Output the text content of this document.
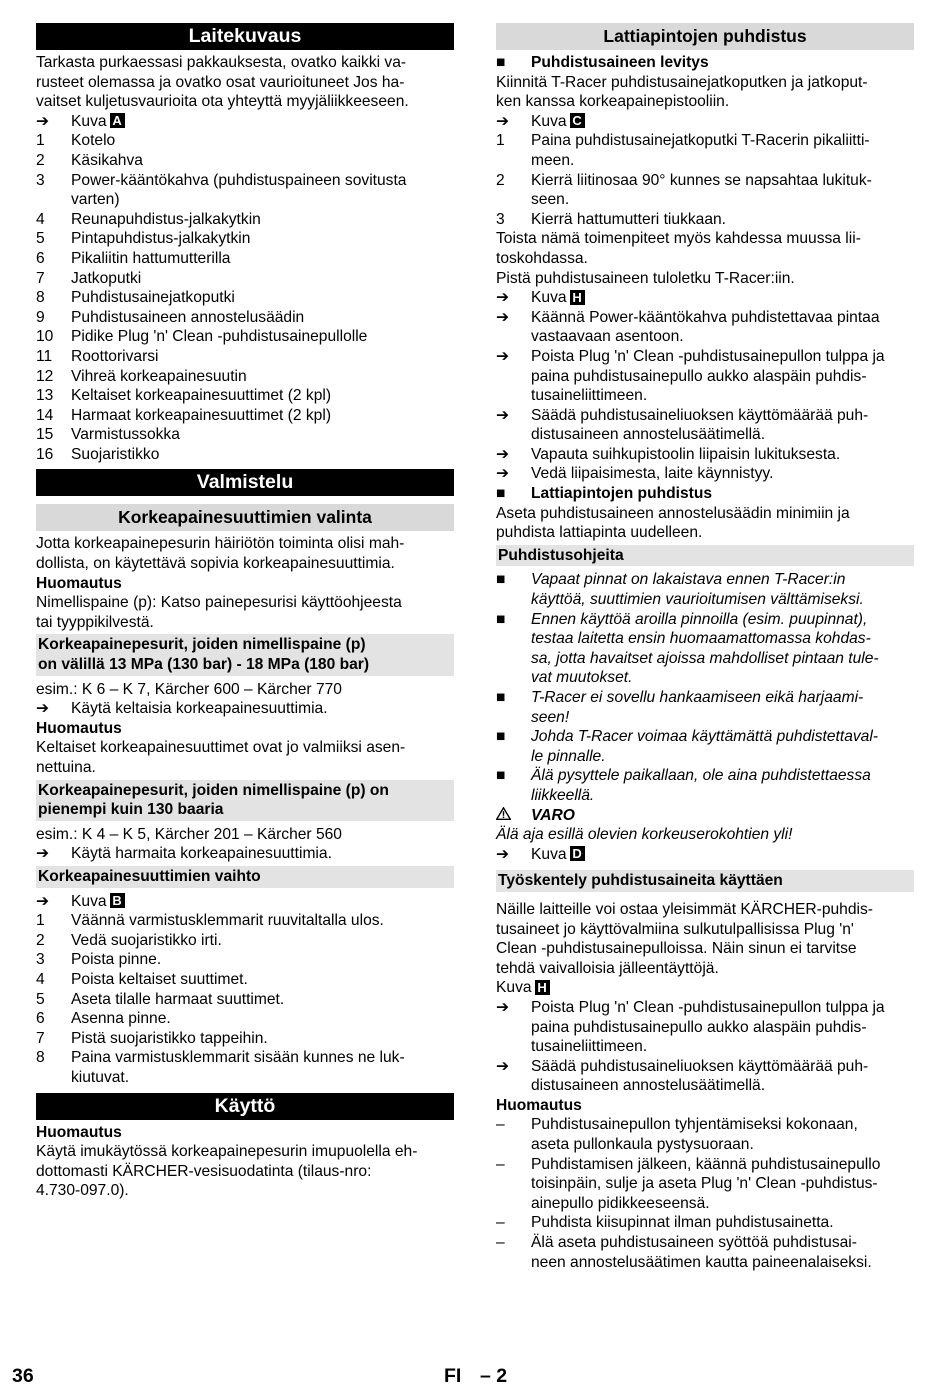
Laitekuvaus
Tarkasta purkaessasi pakkauksesta, ovatko kaikki va-
rusteet olemassa ja ovatko osat vaurioituneet Jos ha-
vaitset kuljetusvaurioita ota yhteyttä myyjäliikkeeseen.
➔	Kuva A
1	Kotelo
2	Käsikahva
3	Power-kääntökahva (puhdistuspaineen sovitusta
varten)
4	Reunapuhdistus-jalkakytkin
5	Pintapuhdistus-jalkakytkin
6	Pikaliitin hattumutterilla
7	Jatkoputki
8	Puhdistusainejatkoputki
9	Puhdistusaineen annostelusäädin
10	Pidike Plug 'n' Clean -puhdistusainepullolle
11	Roottorivarsi
12	Vihreä korkeapainesuutin
13	Keltaiset korkeapainesuuttimet (2 kpl)
14	Harmaat korkeapainesuuttimet (2 kpl)
15	Varmistussokka
16	Suojaristikko
Valmistelu
Korkeapainesuuttimien valinta
Jotta korkeapainepesurin häiriötön toiminta olisi mah-
dollista, on käytettävä sopivia korkeapainesuuttimia.
Huomautus
Nimellispaine (p): Katso painepesurisi käyttöohjeesta
tai tyyppikilvestä.
Korkeapainepesurit, joiden nimellispaine (p)
on välillä 13 MPa (130 bar) - 18 MPa (180 bar)
esim.: K 6 – K 7, Kärcher 600 – Kärcher 770
➔	Käytä keltaisia korkeapainesuuttimia.
Huomautus
Keltaiset korkeapainesuuttimet ovat jo valmiiksi asen-
nettuina.
Korkeapainepesurit, joiden nimellispaine (p) on
pienempi kuin 130 baaria
esim.: K 4 – K 5, Kärcher 201 – Kärcher 560
➔	Käytä harmaita korkeapainesuuttimia.
Korkeapainesuuttimien vaihto
➔	Kuva B
1	Väännä varmistusklemmarit ruuvitaltalla ulos.
2	Vedä suojaristikko irti.
3	Poista pinne.
4	Poista keltaiset suuttimet.
5	Aseta tilalle harmaat suuttimet.
6	Asenna pinne.
7	Pistä suojaristikko tappeihin.
8	Paina varmistusklemmarit sisään kunnes ne luk-
kiutuvat.
Käyttö
Huomautus
Käytä imukäytössä korkeapainepesurin imupuolella eh-
dottomasti KÄRCHER-vesisuodatinta (tilaus-nro:
4.730-097.0).
Lattiapintojen puhdistus
■	Puhdistusaineen levitys
Kiinnitä T-Racer puhdistusainejatkoputken ja jatkoput-
ken kanssa korkeapainepistooliin.
➔	Kuva C
1	Paina puhdistusainejatkoputki T-Racerin pikaliitti-
meen.
2	Kierrä liitinosaa 90° kunnes se napsahtaa lukituk-
seen.
3	Kierrä hattumutteri tiukkaan.
Toista nämä toimenpiteet myös kahdessa muussa lii-
toskohdassa.
Pistä puhdistusaineen tuloletku T-Racer:iin.
➔	Kuva H
➔	Käännä Power-kääntökahva puhdistettavaa pintaa
vastaavaan asentoon.
➔	Poista Plug 'n' Clean -puhdistusainepullon tulppa ja
paina puhdistusainepullo aukko alaspäin puhdis-
tusaineliittimeen.
➔	Säädä puhdistusaineliuoksen käyttömäärää puh-
distusaineen annostelusäätimellä.
➔	Vapauta suihkupistoolin liipaisin lukituksesta.
➔	Vedä liipaisimesta, laite käynnistyy.
■	Lattiapintojen puhdistus
Aseta puhdistusaineen annostelusäädin minimiin ja
puhdista lattiapinta uudelleen.
Puhdistusohjeita
■	Vapaat pinnat on lakaistava ennen T-Racer:in
käyttöä, suuttimien vaurioitumisen välttämiseksi.
■	Ennen käyttöä aroilla pinnoilla (esim. puupinnat),
testaa laitetta ensin huomaamattomassa kohdas-
sa, jotta havaitset ajoissa mahdolliset pintaan tule-
vat muutokset.
■	T-Racer ei sovellu hankaamiseen eikä harjaami-
seen!
■	Johda T-Racer voimaa käyttämättä puhdistettaval-
le pinnalle.
■	Älä pysyttele paikallaan, ole aina puhdistettaessa
liikkeellä.
VARO
Älä aja esillä olevien korkeuserokohtien yli!
➔	Kuva D
Työskentely puhdistusaineita käyttäen
Näille laitteille voi ostaa yleisimmät KÄRCHER-puhdis-
tusaineet jo käyttövalmiina sulkutulpallisissa Plug 'n'
Clean -puhdistusainepulloissa. Näin sinun ei tarvitse
tehdä vaivalloisia jälleentäyttöjä.
Kuva H
➔	Poista Plug 'n' Clean -puhdistusainepullon tulppa ja
paina puhdistusainepullo aukko alaspäin puhdis-
tusaineliittimeen.
➔	Säädä puhdistusaineliuoksen käyttömäärää puh-
distusaineen annostelusäätimellä.
Huomautus
–	Puhdistusainepullon tyhjentämiseksi kokonaan,
aseta pullonkaula pystysuoraan.
–	Puhdistamisen jälkeen, käännä puhdistusainepullo
toisinpäin, sulje ja aseta Plug 'n' Clean -puhdistus-
ainepullo pidikkeeseensä.
–	Puhdista kiisupinnat ilman puhdistusainetta.
–	Älä aseta puhdistusaineen syöttöä puhdistusai-
neen annostelusäätimen kautta paineenalaiseksi.
36	FI – 2
